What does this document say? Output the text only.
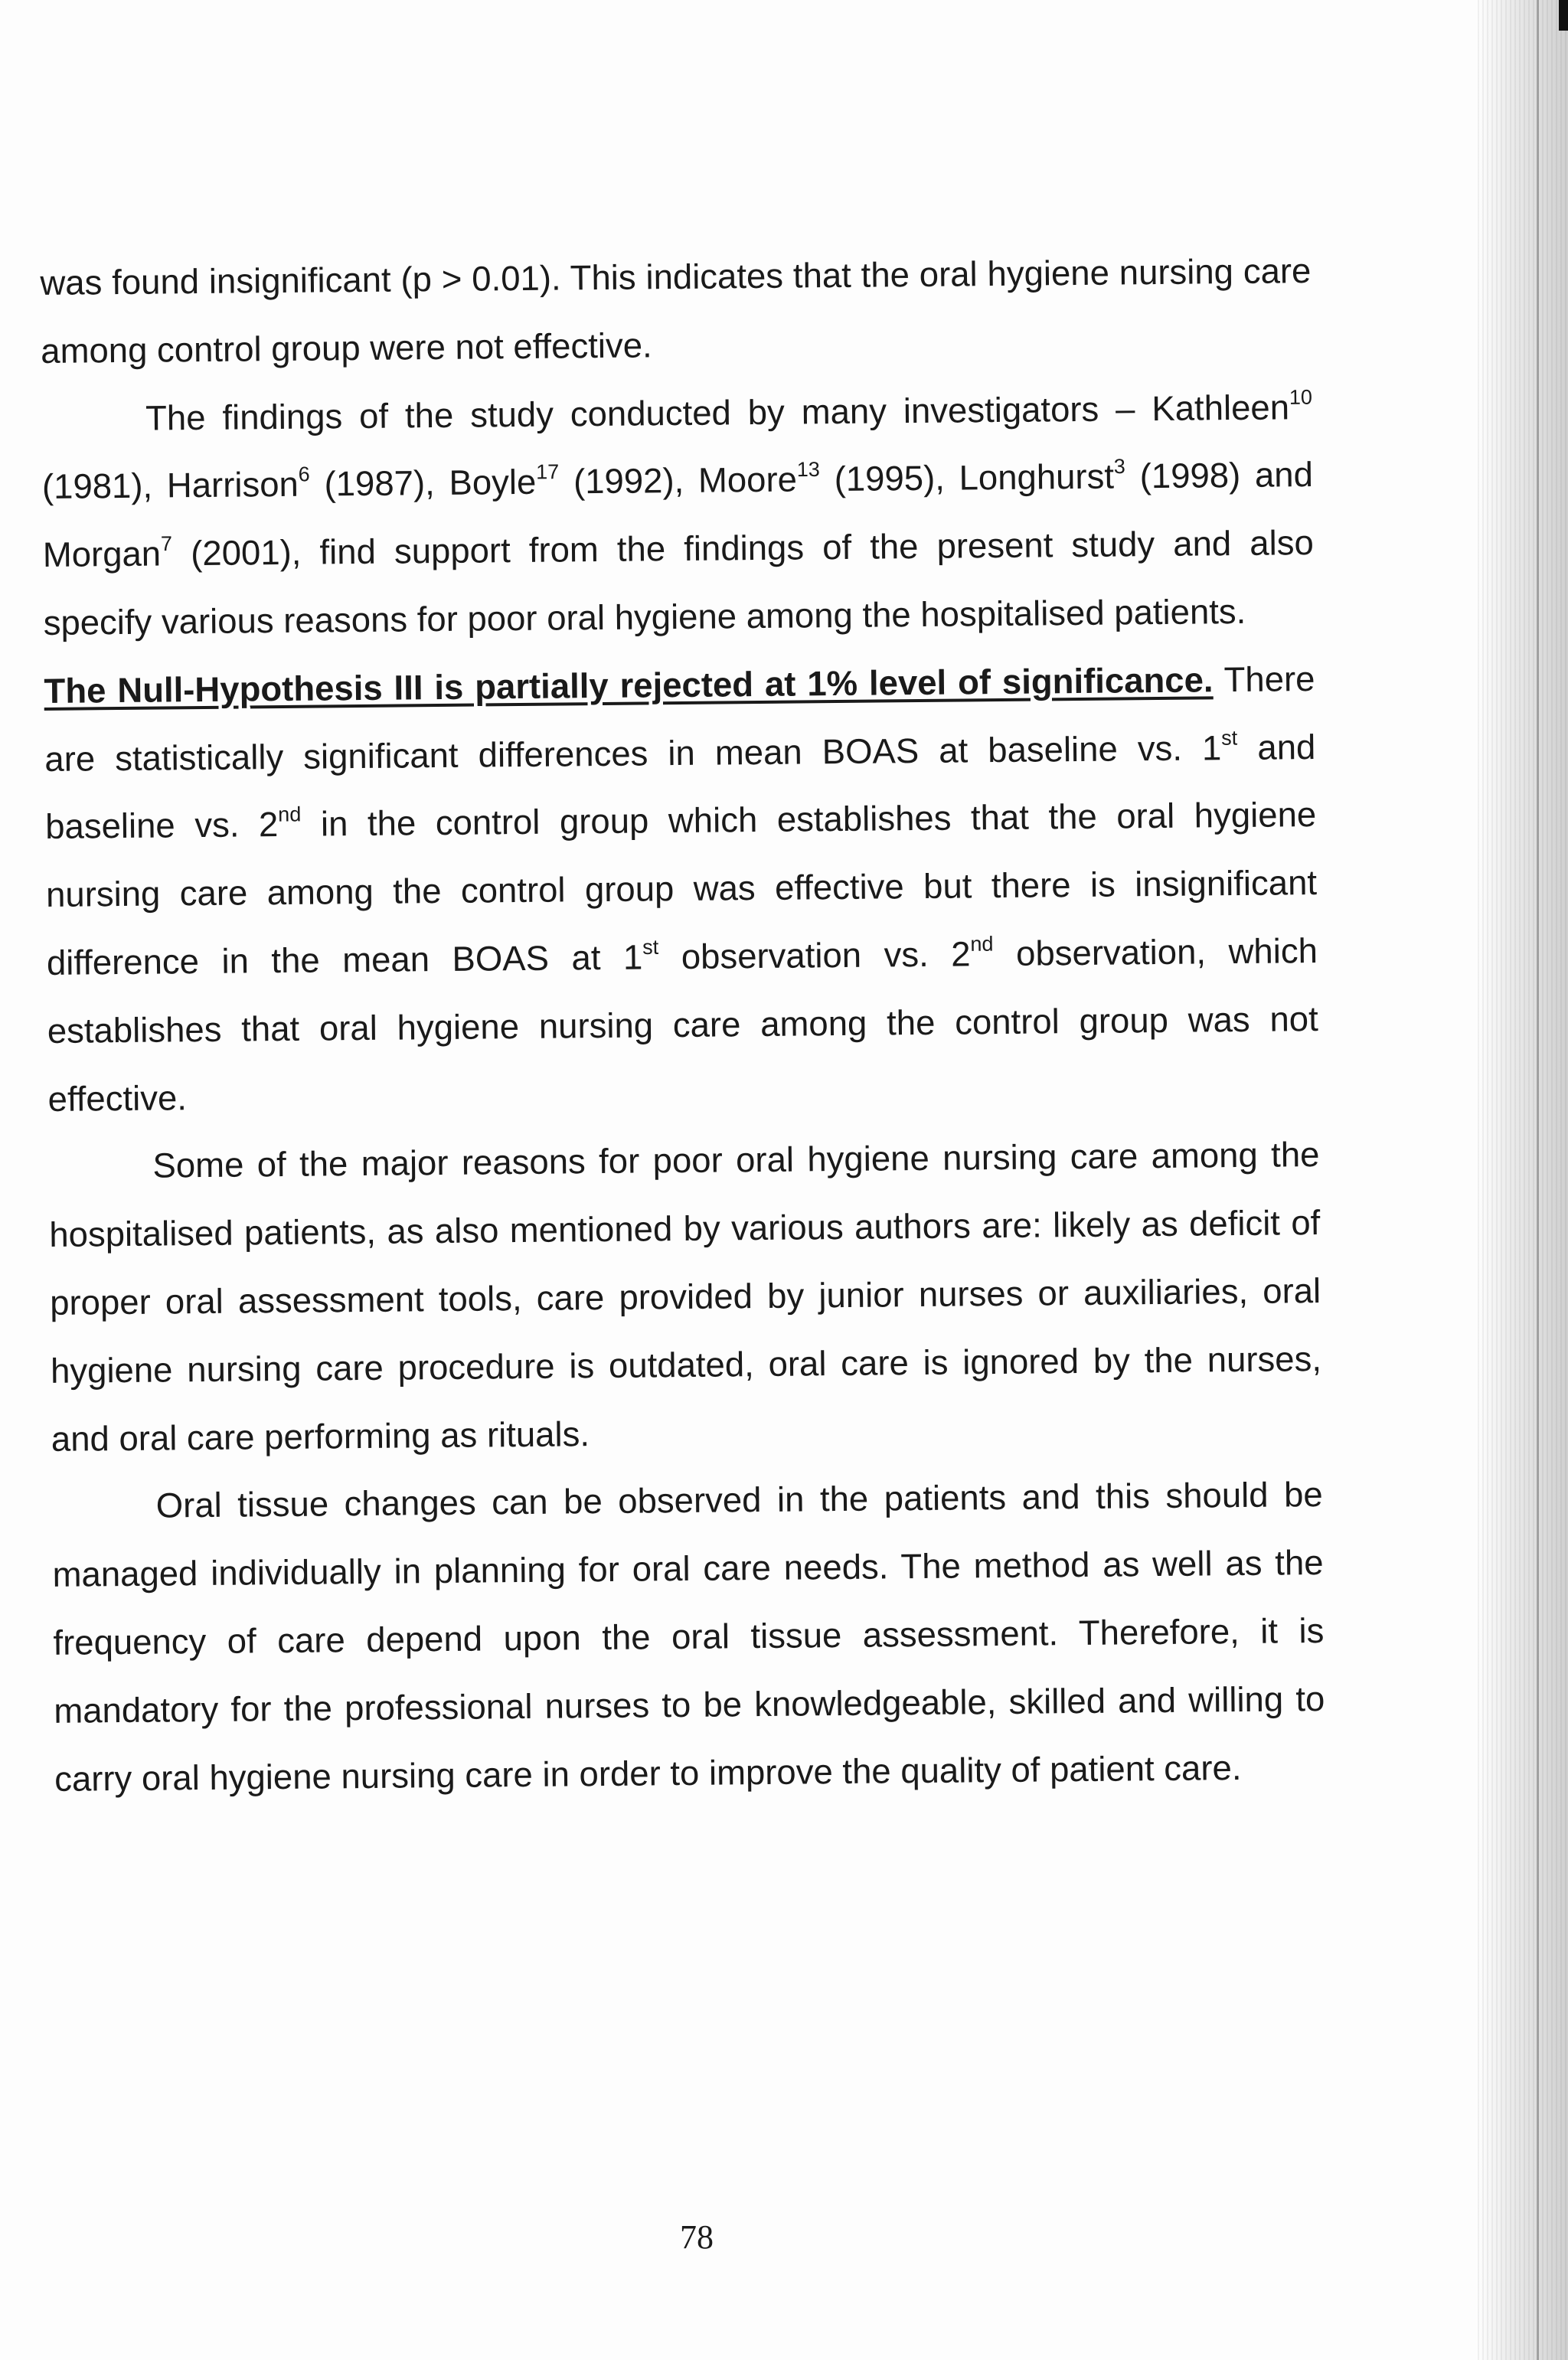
was found insignificant (p > 0.01). This indicates that the oral hygiene nursing care among control group were not effective.

The findings of the study conducted by many investigators – Kathleen$^{10}$ (1981), Harrison$^6$ (1987), Boyle$^{17}$ (1992), Moore$^{13}$ (1995), Longhurst$^3$ (1998) and Morgan$^7$ (2001), find support from the findings of the present study and also specify various reasons for poor oral hygiene among the hospitalised patients.

The Null-Hypothesis III is partially rejected at 1% level of significance. There are statistically significant differences in mean BOAS at baseline vs. 1st and baseline vs. 2nd in the control group which establishes that the oral hygiene nursing care among the control group was effective but there is insignificant difference in the mean BOAS at 1st observation vs. 2nd observation, which establishes that oral hygiene nursing care among the control group was not effective.

Some of the major reasons for poor oral hygiene nursing care among the hospitalised patients, as also mentioned by various authors are: likely as deficit of proper oral assessment tools, care provided by junior nurses or auxiliaries, oral hygiene nursing care procedure is outdated, oral care is ignored by the nurses, and oral care performing as rituals.

Oral tissue changes can be observed in the patients and this should be managed individually in planning for oral care needs. The method as well as the frequency of care depend upon the oral tissue assessment. Therefore, it is mandatory for the professional nurses to be knowledgeable, skilled and willing to carry oral hygiene nursing care in order to improve the quality of patient care.

78
